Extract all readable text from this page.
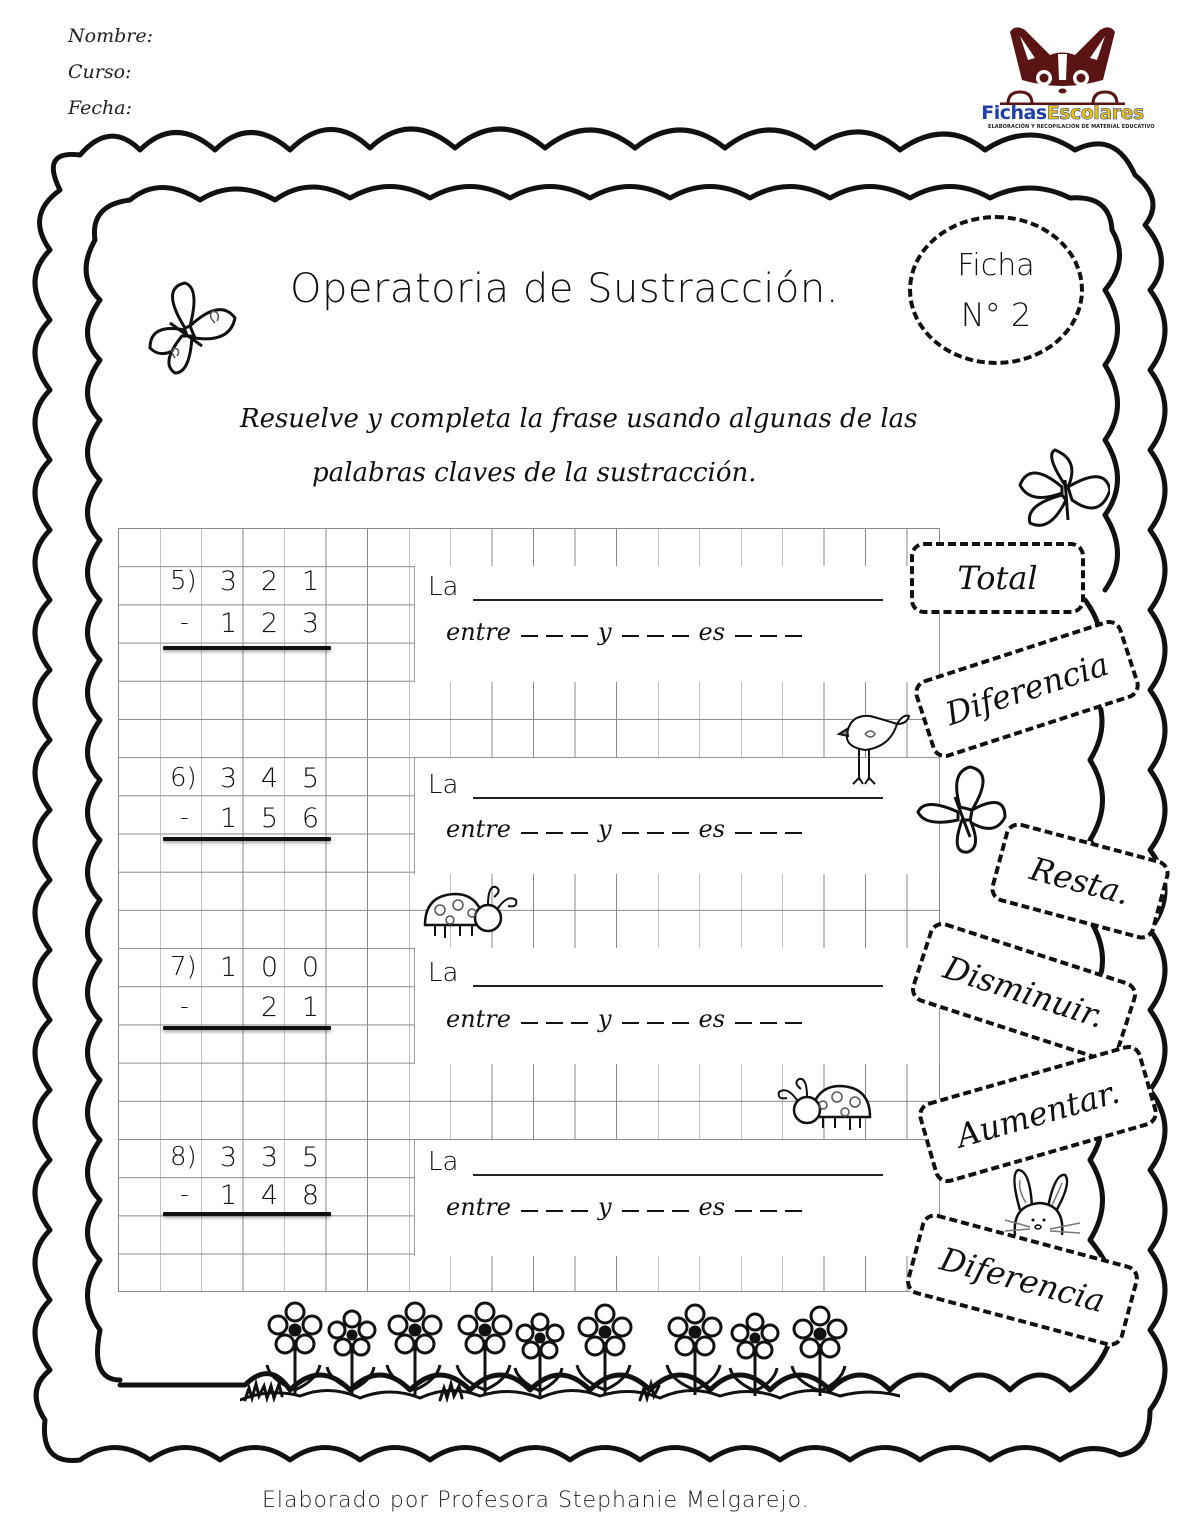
Nombre:
Curso:
Fecha:	FichasEscolares
ELABORACIÓN Y RECOPILACIÓN DE MATERIAL EDUCATIVO
Operatoria de Sustracción.
Ficha
N° 2
Resuelve y completa la frase usando algunas de las
palabras claves de la sustracción.
5) 3 2 1
-	1 2 3
La
entre	y	es
6) 3 4 5
-	1 5 6
La
entre	y	es
7) 1 0 0
-	2 1
La
entre	y	es
8) 3 3 5
-	1 4 8
La
entre	y	es
Total
Diferencia
Resta.
Disminuir.
Aumentar.
Diferencia
Elaborado por Profesora Stephanie Melgarejo.
